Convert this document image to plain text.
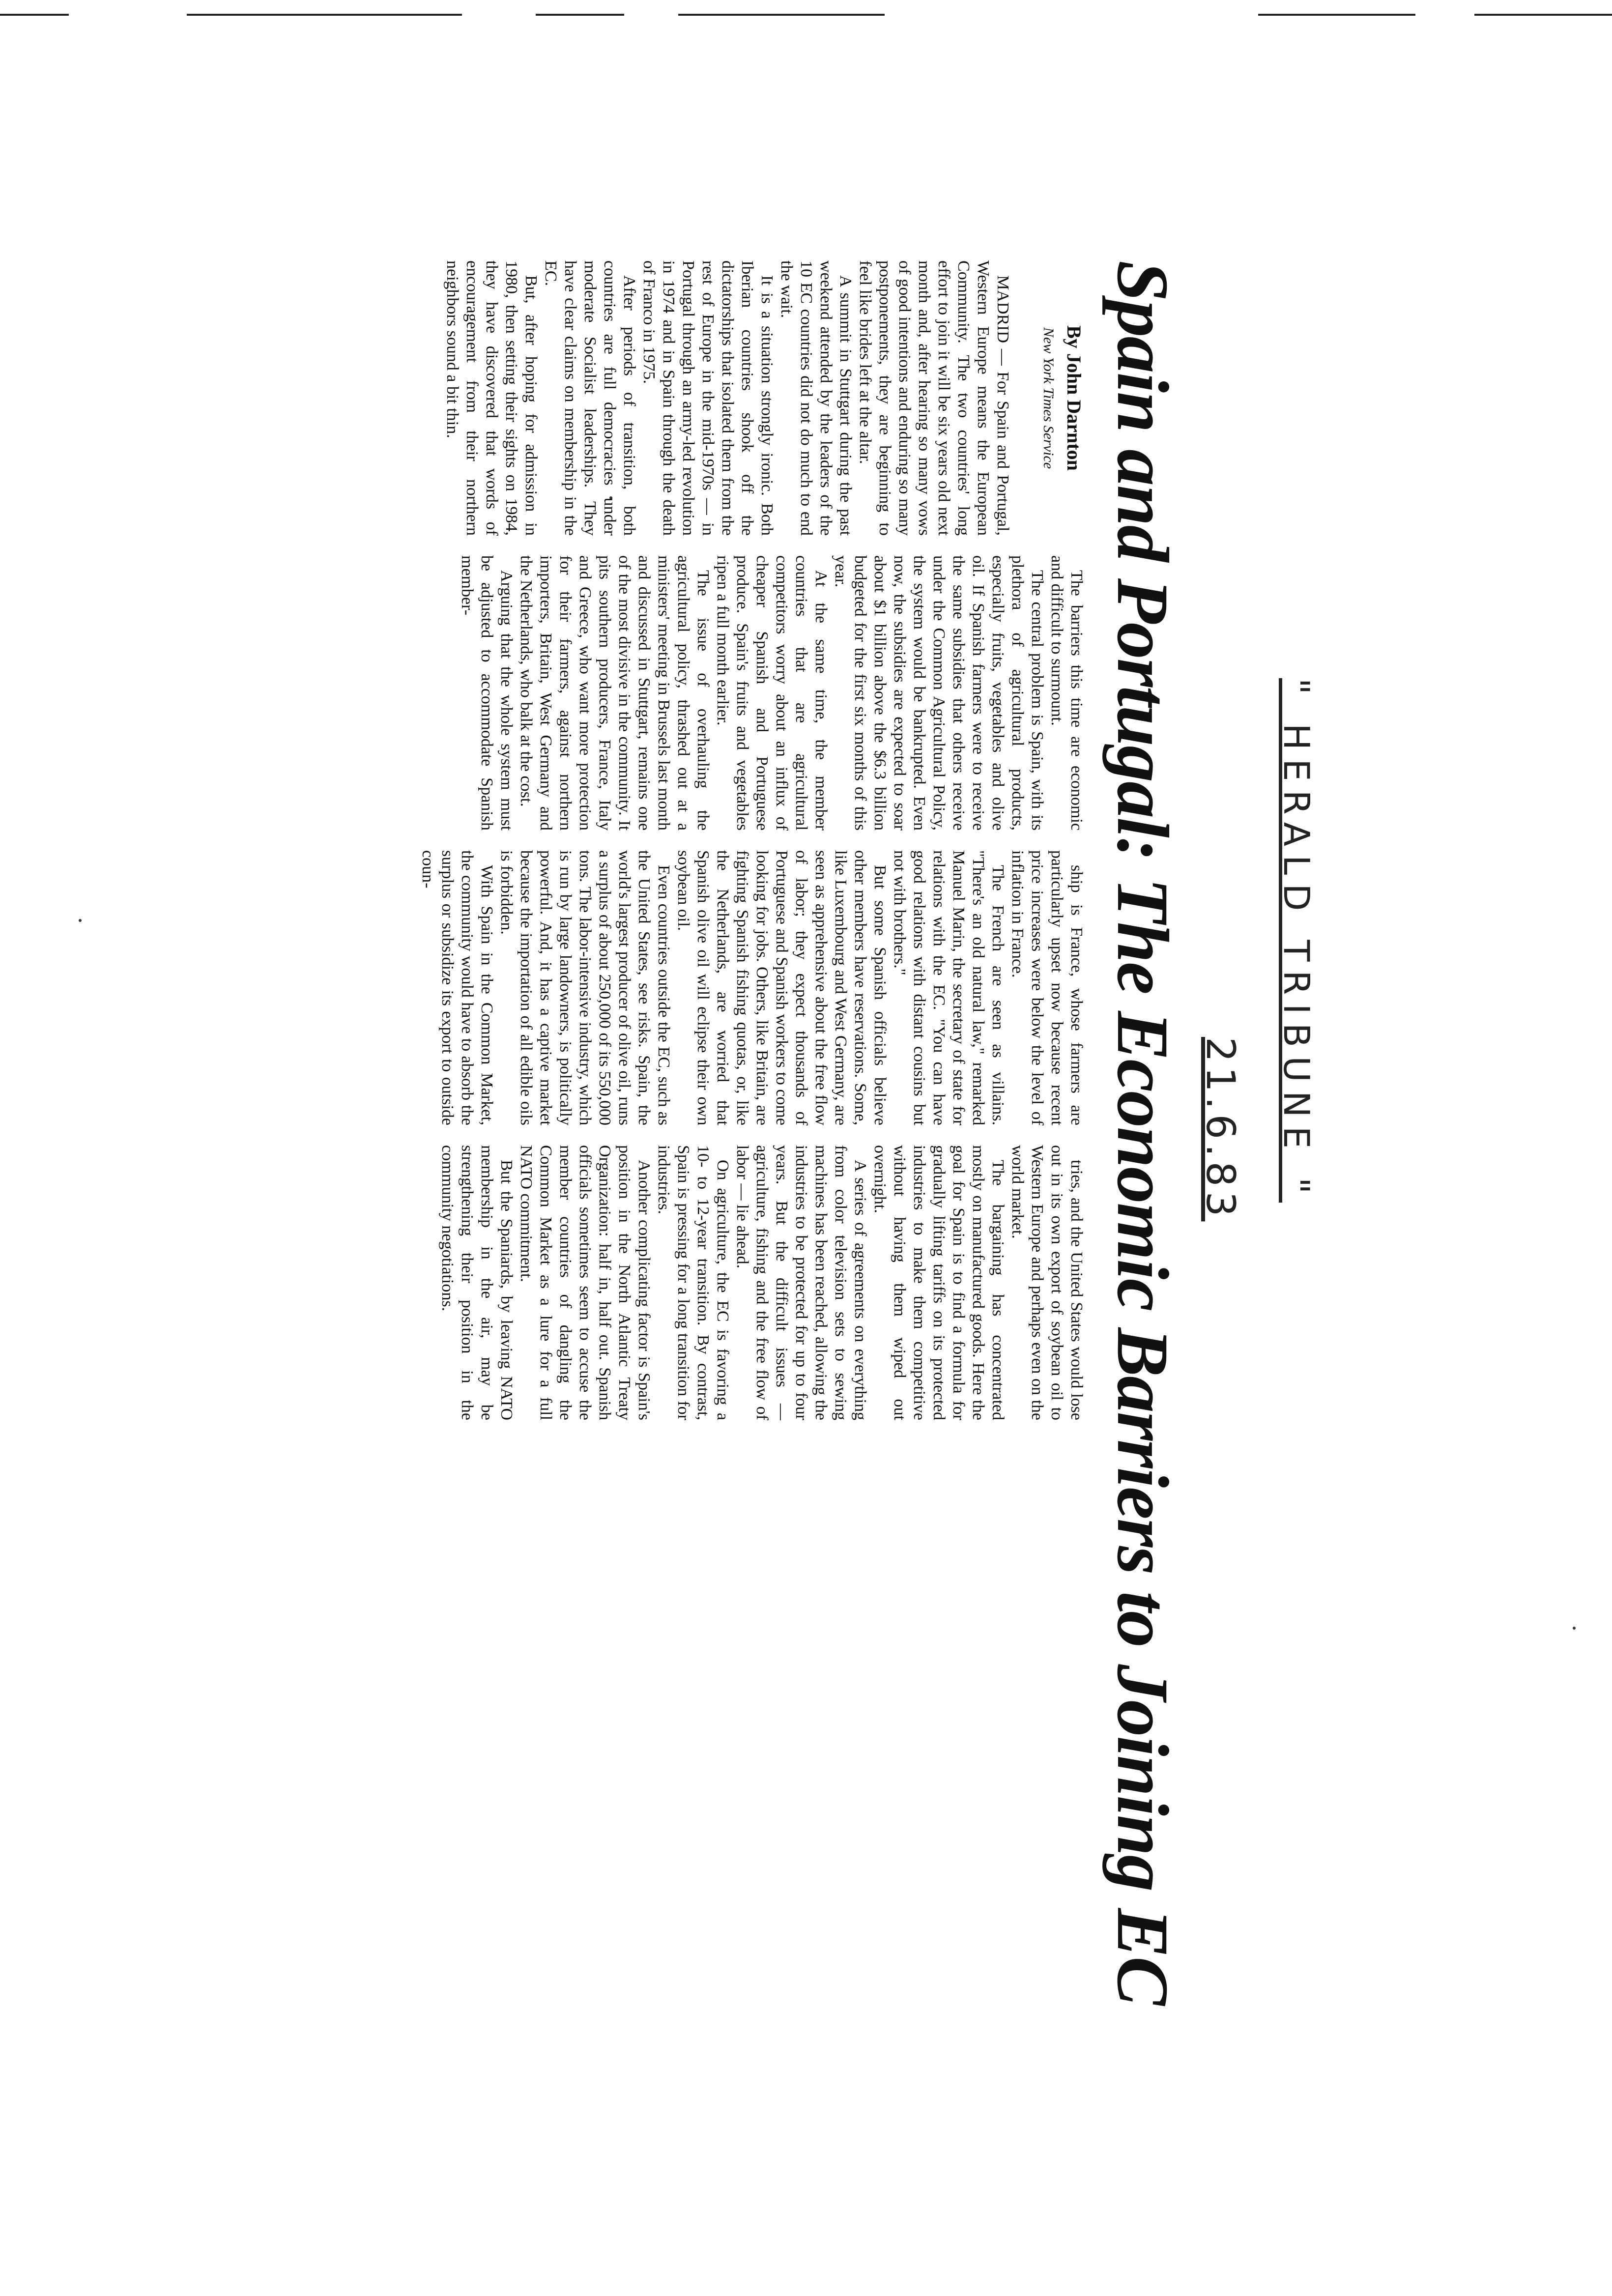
" HERALD TRIBUNE "
21.6.83
Spain and Portugal: The Economic Barriers to Joining EC
By John Darnton
New York Times Service

MADRID — For Spain and Portugal, Western Europe means the European Community. The two countries' long effort to join it will be six years old next month and, after hearing so many vows of good intentions and enduring so many postponements, they are beginning to feel like brides left at the altar.

A summit in Stuttgart during the past weekend attended by the leaders of the 10 EC countries did not do much to end the wait.

It is a situation strongly ironic. Both Iberian countries shook off the dictatorships that isolated them from the rest of Europe in the mid-1970s — in Portugal through an army-led revolution in 1974 and in Spain through the death of Franco in 1975.

After periods of transition, both countries are full democracies under moderate Socialist leaderships. They have clear claims on membership in the EC.

But, after hoping for admission in 1980, then setting their sights on 1984, they have discovered that words of encouragement from their northern neighbors sound a bit thin.

The barriers this time are economic and difficult to surmount.

The central problem is Spain, with its plethora of agricultural products, especially fruits, vegetables and olive oil. If Spanish farmers were to receive the same subsidies that others receive under the Common Agricultural Policy, the system would be bankrupted. Even now, the subsidies are expected to soar about $1 billion above the $6.3 billion budgeted for the first six months of this year.

At the same time, the member countries that are agricultural competitors worry about an influx of cheaper Spanish and Portuguese produce. Spain's fruits and vegetables ripen a full month earlier.

The issue of overhauling the agricultural policy, thrashed out at a ministers' meeting in Brussels last month and discussed in Stuttgart, remains one of the most divisive in the community. It pits southern producers, France, Italy and Greece, who want more protection for their farmers, against northern importers, Britain, West Germany and the Netherlands, who balk at the cost.

Arguing that the whole system must be adjusted to accommodate Spanish member-

ship is France, whose farmers are particularly upset now because recent price increases were below the level of inflation in France.

The French are seen as villains. "There's an old natural law," remarked Manuel Marin, the secretary of state for relations with the EC. "You can have good relations with distant cousins but not with brothers."

But some Spanish officials believe other members have reservations. Some, like Luxembourg and West Germany, are seen as apprehensive about the free flow of labor; they expect thousands of Portuguese and Spanish workers to come looking for jobs. Others, like Britain, are fighting Spanish fishing quotas, or, like the Netherlands, are worried that Spanish olive oil will eclipse their own soybean oil.

Even countries outside the EC, such as the United States, see risks. Spain, the world's largest producer of olive oil, runs a surplus of about 250,000 of its 550,000 tons. The labor-intensive industry, which is run by large landowners, is politically powerful. And, it has a captive market because the importation of all edible oils is forbidden.

With Spain in the Common Market, the community would have to absorb the surplus or subsidize its export to outside coun-

tries, and the United States would lose out in its own export of soybean oil to Western Europe and perhaps even on the world market.

The bargaining has concentrated mostly on manufactured goods. Here the goal for Spain is to find a formula for gradually lifting tariffs on its protected industries to make them competitive without having them wiped out overnight.

A series of agreements on everything from color television sets to sewing machines has been reached, allowing the industries to be protected for up to four years. But the difficult issues — agriculture, fishing and the free flow of labor — lie ahead.

On agriculture, the EC is favoring a 10- to 12-year transition. By contrast, Spain is pressing for a long transition for industries.

Another complicating factor is Spain's position in the North Atlantic Treaty Organization: half in, half out. Spanish officials sometimes seem to accuse the member countries of dangling the Common Market as a lure for a full NATO commitment.

But the Spaniards, by leaving NATO membership in the air, may be strengthening their position in the community negotiations.
